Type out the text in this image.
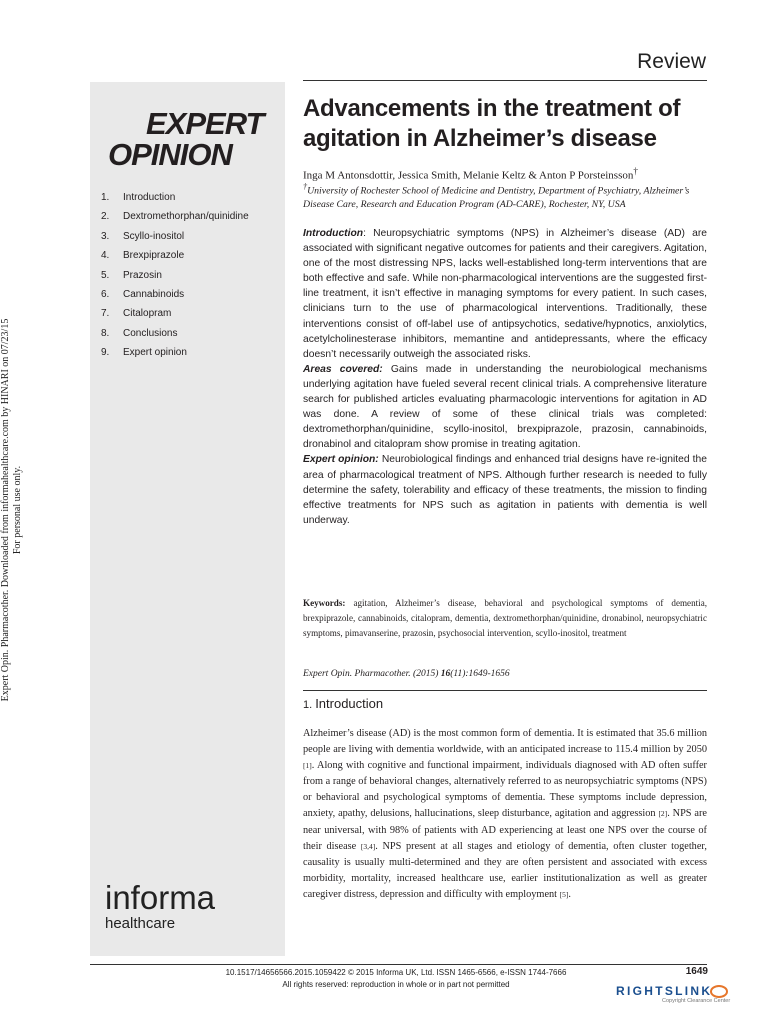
Expert Opin. Pharmacother. Downloaded from informahealthcare.com by HINARI on 07/23/15 For personal use only.
Review
EXPERT
OPINION
1. Introduction
2. Dextromethorphan/quinidine
3. Scyllo-inositol
4. Brexpiprazole
5. Prazosin
6. Cannabinoids
7. Citalopram
8. Conclusions
9. Expert opinion
informa
healthcare
Advancements in the treatment of agitation in Alzheimer’s disease
Inga M Antonsdottir, Jessica Smith, Melanie Keltz & Anton P Porsteinsson†
†University of Rochester School of Medicine and Dentistry, Department of Psychiatry, Alzheimer’s Disease Care, Research and Education Program (AD-CARE), Rochester, NY, USA

Introduction: Neuropsychiatric symptoms (NPS) in Alzheimer’s disease (AD) are associated with significant negative outcomes for patients and their caregivers. Agitation, one of the most distressing NPS, lacks well-established long-term interventions that are both effective and safe. While non-pharmacological interventions are the suggested first-line treatment, it isn’t effective in managing symptoms for every patient. In such cases, clinicians turn to the use of pharmacological interventions. Traditionally, these interventions consist of off-label use of antipsychotics, sedative/hypnotics, anxiolytics, acetylcholinesterase inhibitors, memantine and antidepressants, where the efficacy doesn’t necessarily outweigh the associated risks.

Areas covered: Gains made in understanding the neurobiological mechanisms underlying agitation have fueled several recent clinical trials. A comprehensive literature search for published articles evaluating pharmacologic interventions for agitation in AD was done. A review of some of these clinical trials was completed: dextromethorphan/quinidine, scyllo-inositol, brexpiprazole, prazosin, cannabinoids, dronabinol and citalopram show promise in treating agitation.

Expert opinion: Neurobiological findings and enhanced trial designs have re-ignited the area of pharmacological treatment of NPS. Although further research is needed to fully determine the safety, tolerability and efficacy of these treatments, the mission to finding effective treatments for NPS such as agitation in patients with dementia is well underway.

Keywords: agitation, Alzheimer’s disease, behavioral and psychological symptoms of dementia, brexpiprazole, cannabinoids, citalopram, dementia, dextromethorphan/quinidine, dronabinol, neuropsychiatric symptoms, pimavanserine, prazosin, psychosocial intervention, scyllo-inositol, treatment
Expert Opin. Pharmacother. (2015) 16(11):1649-1656
1. Introduction

Alzheimer’s disease (AD) is the most common form of dementia. It is estimated that 35.6 million people are living with dementia worldwide, with an anticipated increase to 115.4 million by 2050 [1]. Along with cognitive and functional impairment, individuals diagnosed with AD often suffer from a range of behavioral changes, alternatively referred to as neuropsychiatric symptoms (NPS) or behavioral and psychological symptoms of dementia. These symptoms include depression, anxiety, apathy, delusions, hallucinations, sleep disturbance, agitation and aggression [2]. NPS are near universal, with 98% of patients with AD experiencing at least one NPS over the course of their disease [3,4]. NPS present at all stages and etiology of dementia, often cluster together, causality is usually multi-determined and they are often persistent and associated with excess morbidity, mortality, increased healthcare use, earlier institutionalization as well as greater caregiver distress, depression and difficulty with employment [5].

10.1517/14656566.2015.1059422 © 2015 Informa UK, Ltd. ISSN 1465-6566, e-ISSN 1744-7666
All rights reserved: reproduction in whole or in part not permitted
1649
RIGHTSLINK
Copyright Clearance Center
